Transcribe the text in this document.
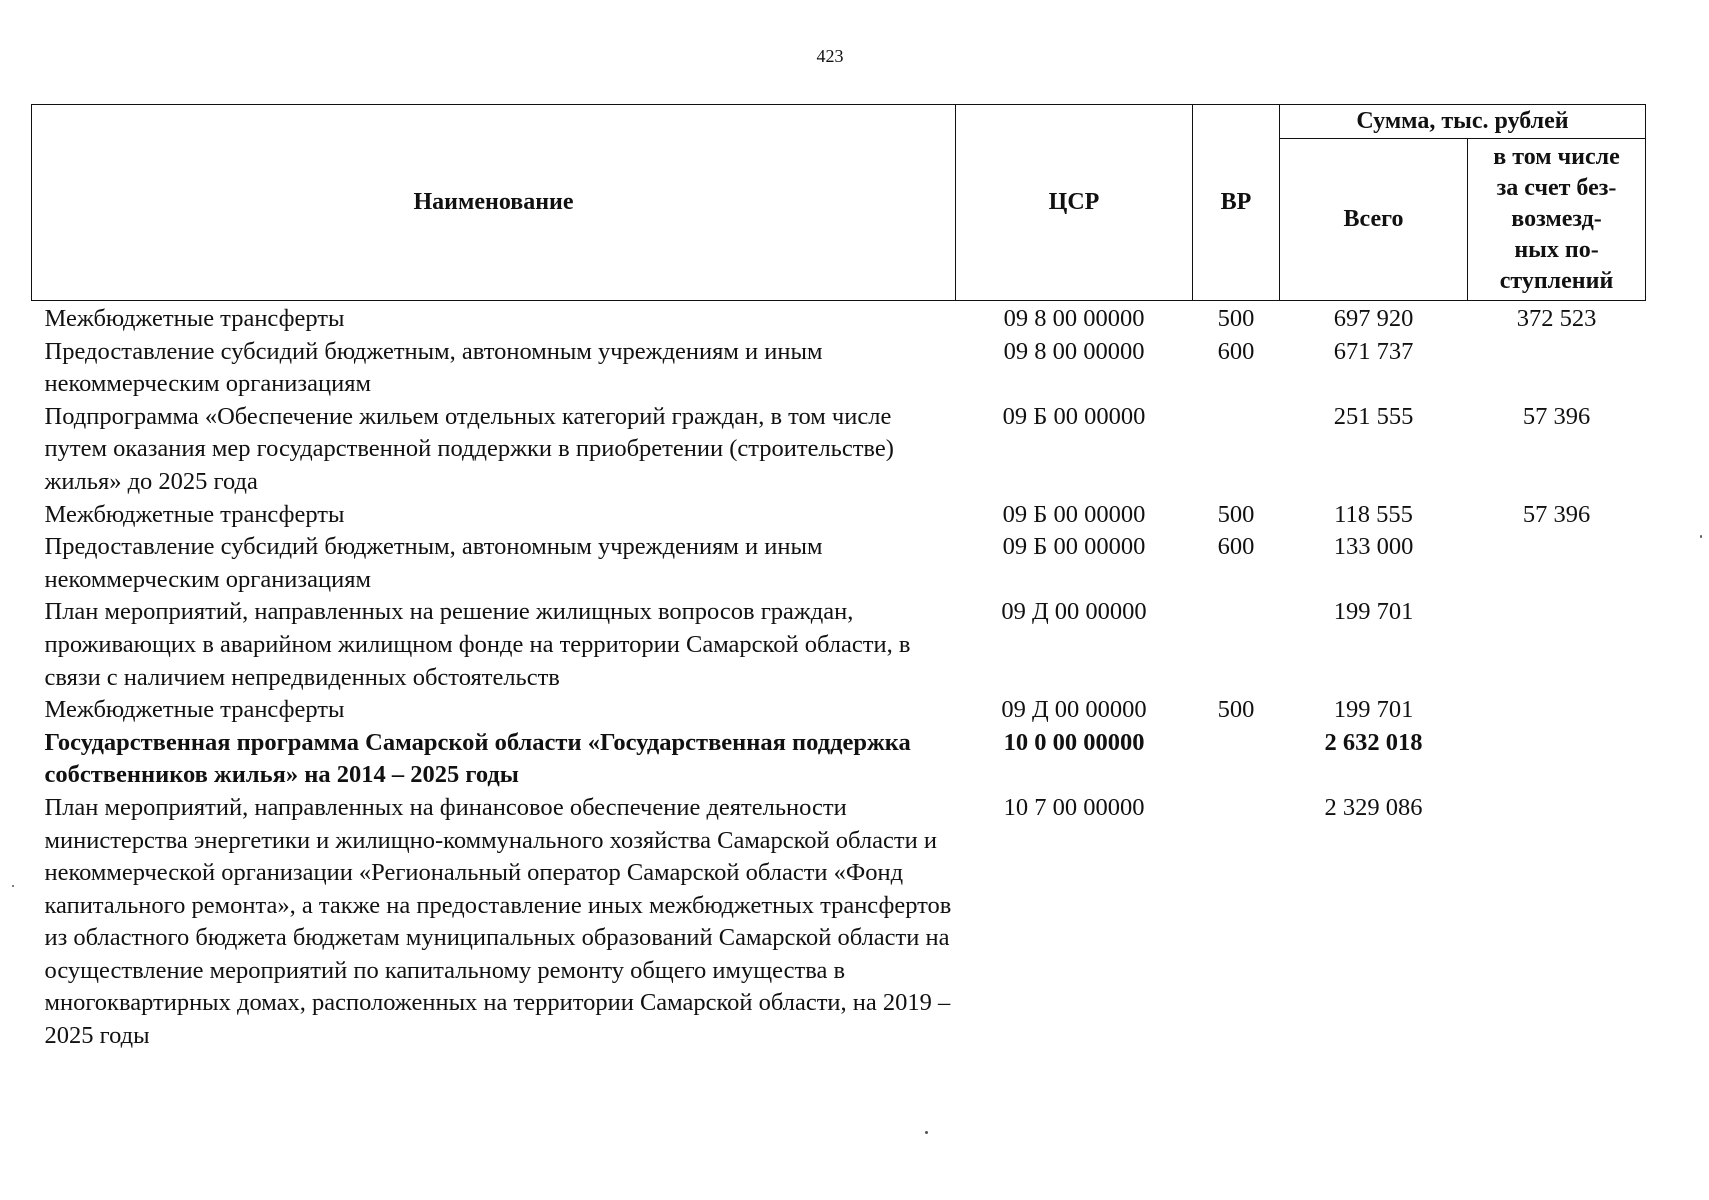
423
Наименование	ЦСР	ВР	Сумма, тыс. рублей	
			Всего	в том числе
за счет без-
возмезд-
ных по-
ступлений

Межбюджетные трансферты	09 8 00 00000	500	697 920	372 523
Предоставление субсидий бюджетным, автономным учреждениям и иным некоммерческим организациям	09 8 00 00000	600	671 737	
Подпрограмма «Обеспечение жильем отдельных категорий граждан, в том числе путем оказания мер государственной поддержки в приобретении (строительстве) жилья» до 2025 года	09 Б 00 00000		251 555	57 396
Межбюджетные трансферты	09 Б 00 00000	500	118 555	57 396
Предоставление субсидий бюджетным, автономным учреждениям и иным некоммерческим организациям	09 Б 00 00000	600	133 000	
План мероприятий, направленных на решение жилищных вопросов граждан, проживающих в аварийном жилищном фонде на территории Самарской области, в связи с наличием непредвиденных обстоятельств	09 Д 00 00000		199 701	
Межбюджетные трансферты	09 Д 00 00000	500	199 701	
Государственная программа Самарской области «Государственная поддержка собственников жилья» на 2014 – 2025 годы	10 0 00 00000		2 632 018	
План мероприятий, направленных на финансовое обеспечение деятельности министерства энергетики и жилищно-коммунального хозяйства Самарской области и некоммерческой организации «Региональный оператор Самарской области «Фонд капитального ремонта», а также на предоставление иных межбюджетных трансфертов из областного бюджета бюджетам муниципальных образований Самарской области на осуществление мероприятий по капитальному ремонту общего имущества в многоквартирных домах, расположенных на территории Самарской области, на 2019 – 2025 годы	10 7 00 00000		2 329 086	
